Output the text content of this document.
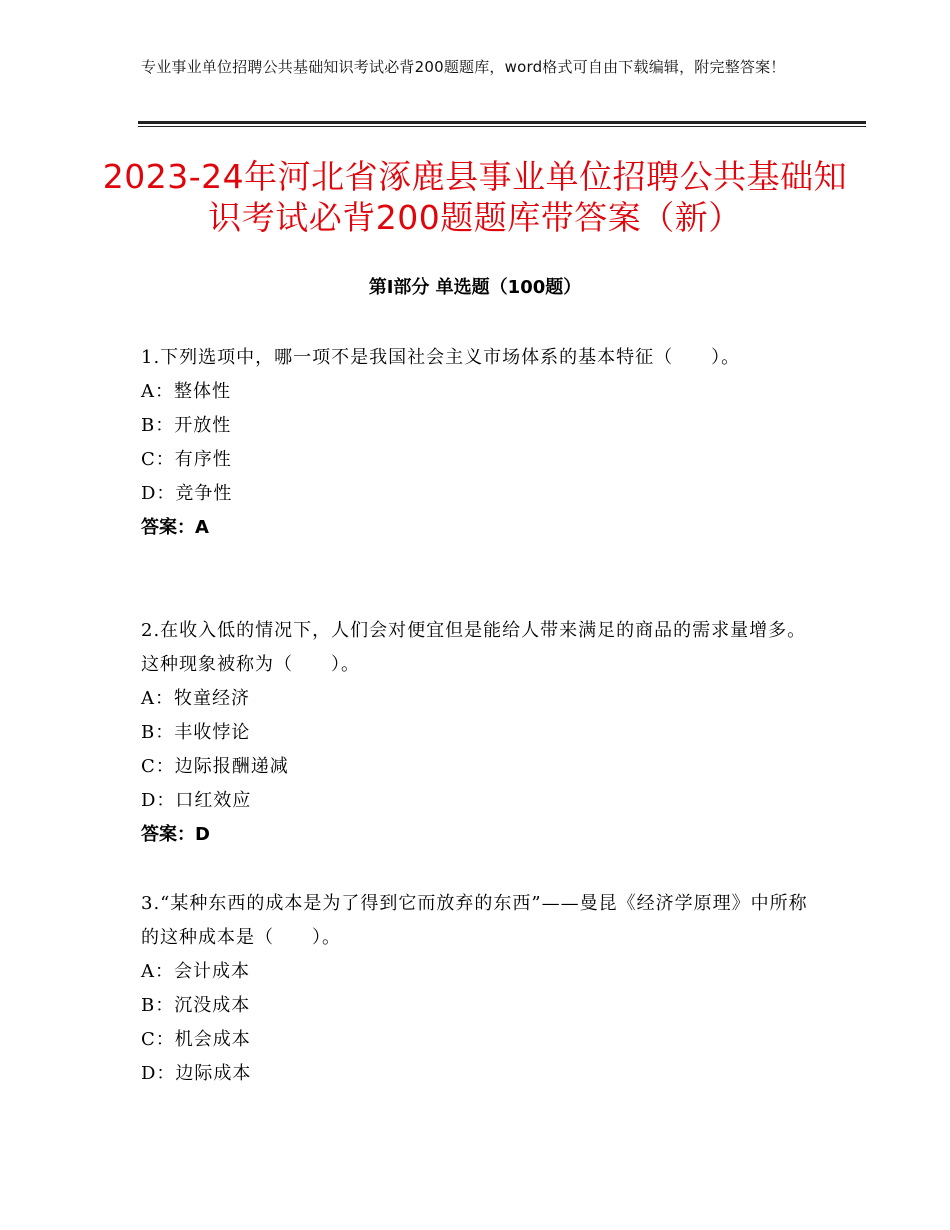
专业事业单位招聘公共基础知识考试必背200题题库，word格式可自由下载编辑，附完整答案！
2023-24年河北省涿鹿县事业单位招聘公共基础知识考试必背200题题库带答案（新）
第Ⅰ部分 单选题（100题）

1.下列选项中，哪一项不是我国社会主义市场体系的基本特征（　　）。

A：整体性

B：开放性

C：有序性

D：竞争性

答案：A

2.在收入低的情况下，人们会对便宜但是能给人带来满足的商品的需求量增多。这种现象被称为（　　）。

A：牧童经济

B：丰收悖论

C：边际报酬递减

D：口红效应

答案：D

3.“某种东西的成本是为了得到它而放弃的东西”——曼昆《经济学原理》中所称的这种成本是（　　）。

A：会计成本

B：沉没成本

C：机会成本

D：边际成本
